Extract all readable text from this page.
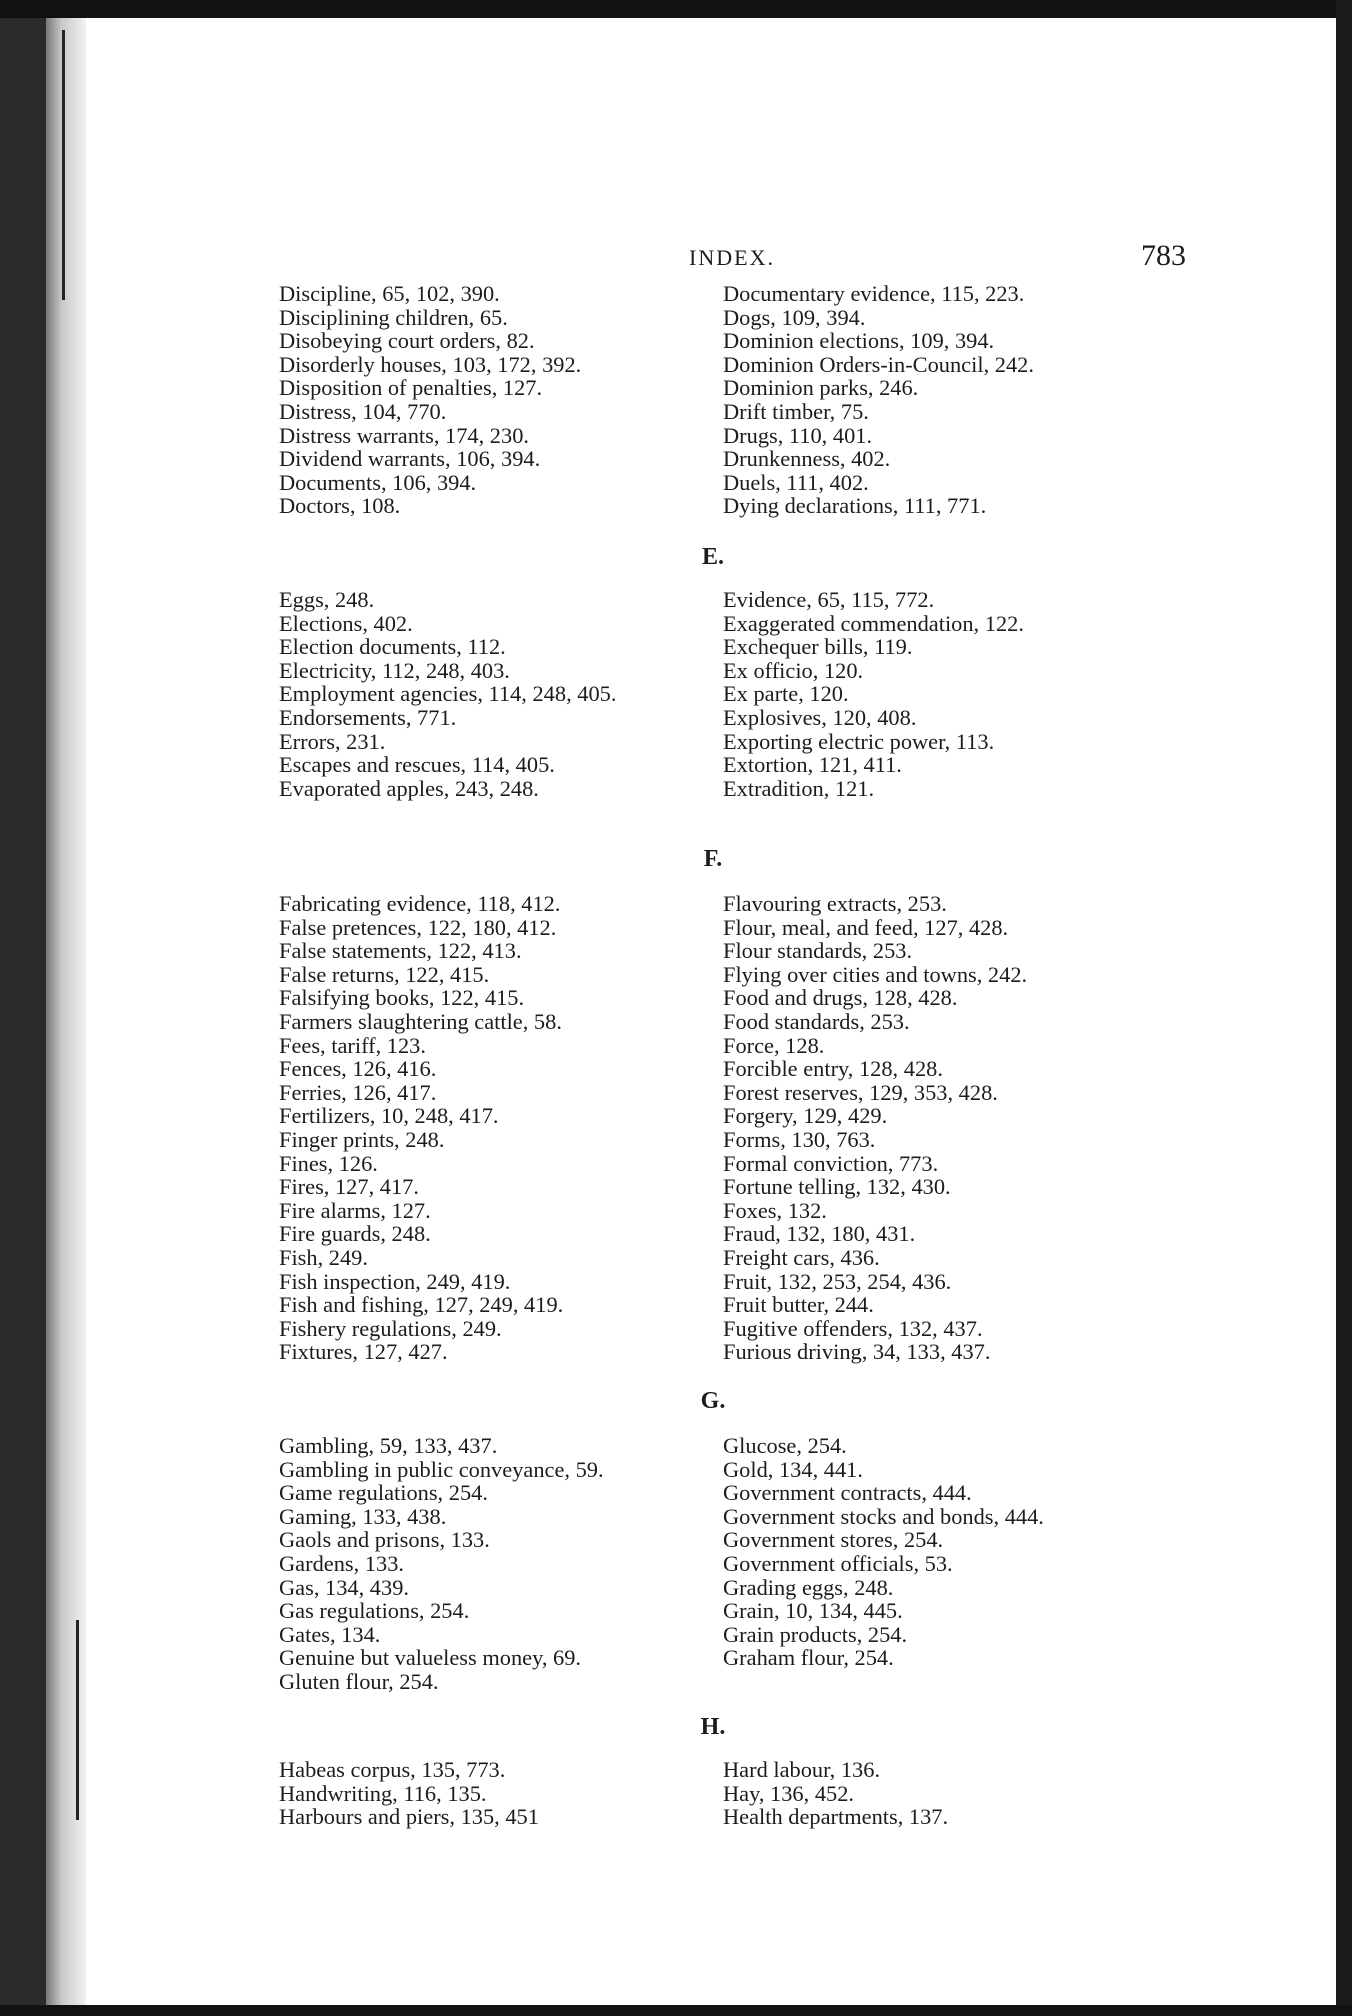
INDEX.	783
Discipline, 65, 102, 390.
Disciplining children, 65.
Disobeying court orders, 82.
Disorderly houses, 103, 172, 392.
Disposition of penalties, 127.
Distress, 104, 770.
Distress warrants, 174, 230.
Dividend warrants, 106, 394.
Documents, 106, 394.
Doctors, 108.
Documentary evidence, 115, 223.
Dogs, 109, 394.
Dominion elections, 109, 394.
Dominion Orders-in-Council, 242.
Dominion parks, 246.
Drift timber, 75.
Drugs, 110, 401.
Drunkenness, 402.
Duels, 111, 402.
Dying declarations, 111, 771.
E.
Eggs, 248.
Elections, 402.
Election documents, 112.
Electricity, 112, 248, 403.
Employment agencies, 114, 248, 405.
Endorsements, 771.
Errors, 231.
Escapes and rescues, 114, 405.
Evaporated apples, 243, 248.
Evidence, 65, 115, 772.
Exaggerated commendation, 122.
Exchequer bills, 119.
Ex officio, 120.
Ex parte, 120.
Explosives, 120, 408.
Exporting electric power, 113.
Extortion, 121, 411.
Extradition, 121.
F.
Fabricating evidence, 118, 412.
False pretences, 122, 180, 412.
False statements, 122, 413.
False returns, 122, 415.
Falsifying books, 122, 415.
Farmers slaughtering cattle, 58.
Fees, tariff, 123.
Fences, 126, 416.
Ferries, 126, 417.
Fertilizers, 10, 248, 417.
Finger prints, 248.
Fines, 126.
Fires, 127, 417.
Fire alarms, 127.
Fire guards, 248.
Fish, 249.
Fish inspection, 249, 419.
Fish and fishing, 127, 249, 419.
Fishery regulations, 249.
Fixtures, 127, 427.
Flavouring extracts, 253.
Flour, meal, and feed, 127, 428.
Flour standards, 253.
Flying over cities and towns, 242.
Food and drugs, 128, 428.
Food standards, 253.
Force, 128.
Forcible entry, 128, 428.
Forest reserves, 129, 353, 428.
Forgery, 129, 429.
Forms, 130, 763.
Formal conviction, 773.
Fortune telling, 132, 430.
Foxes, 132.
Fraud, 132, 180, 431.
Freight cars, 436.
Fruit, 132, 253, 254, 436.
Fruit butter, 244.
Fugitive offenders, 132, 437.
Furious driving, 34, 133, 437.
G.
Gambling, 59, 133, 437.
Gambling in public conveyance, 59.
Game regulations, 254.
Gaming, 133, 438.
Gaols and prisons, 133.
Gardens, 133.
Gas, 134, 439.
Gas regulations, 254.
Gates, 134.
Genuine but valueless money, 69.
Gluten flour, 254.
Glucose, 254.
Gold, 134, 441.
Government contracts, 444.
Government stocks and bonds, 444.
Government stores, 254.
Government officials, 53.
Grading eggs, 248.
Grain, 10, 134, 445.
Grain products, 254.
Graham flour, 254.
H.
Habeas corpus, 135, 773.
Handwriting, 116, 135.
Harbours and piers, 135, 451
Hard labour, 136.
Hay, 136, 452.
Health departments, 137.
